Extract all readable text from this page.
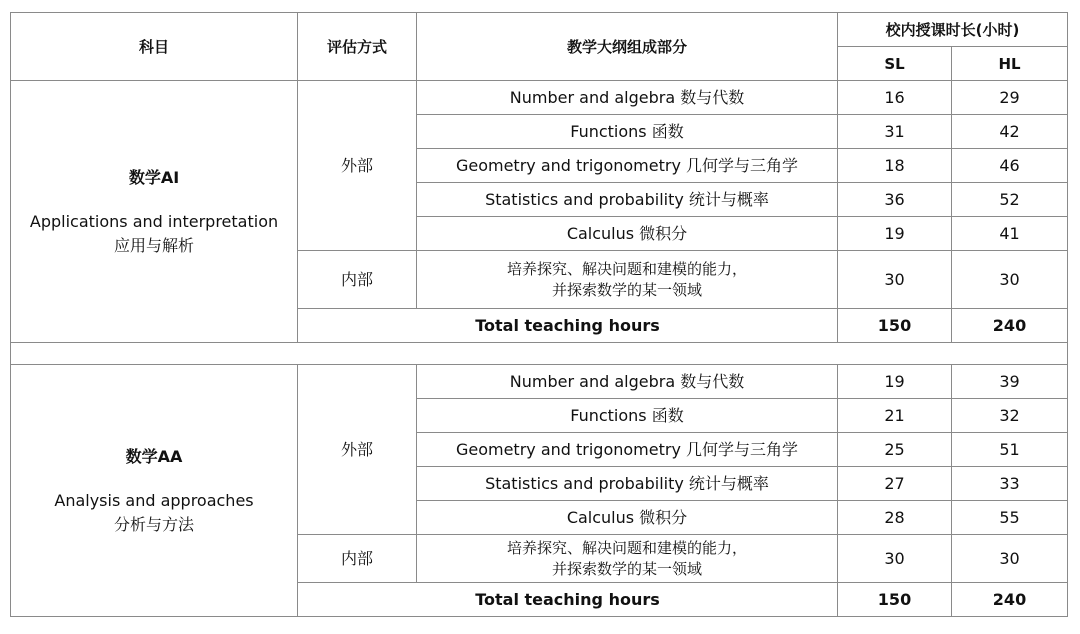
科目	评估方式	教学大纲组成部分	校内授课时长(小时)	
			SL	HL

数学AI
Applications and interpretation
应用与解析	外部	Number and algebra 数与代数	16	29
		Functions 函数	31	42
		Geometry and trigonometry 几何学与三角学	18	46
		Statistics and probability 统计与概率	36	52
		Calculus 微积分	19	41
	内部	培养探究、解决问题和建模的能力，
并探索数学的某一领域	30	30
	Total teaching hours		150	240

数学AA
Analysis and approaches
分析与方法	外部	Number and algebra 数与代数	19	39
		Functions 函数	21	32
		Geometry and trigonometry 几何学与三角学	25	51
		Statistics and probability 统计与概率	27	33
		Calculus 微积分	28	55
	内部	培养探究、解决问题和建模的能力，
并探索数学的某一领域	30	30
	Total teaching hours		150	240
